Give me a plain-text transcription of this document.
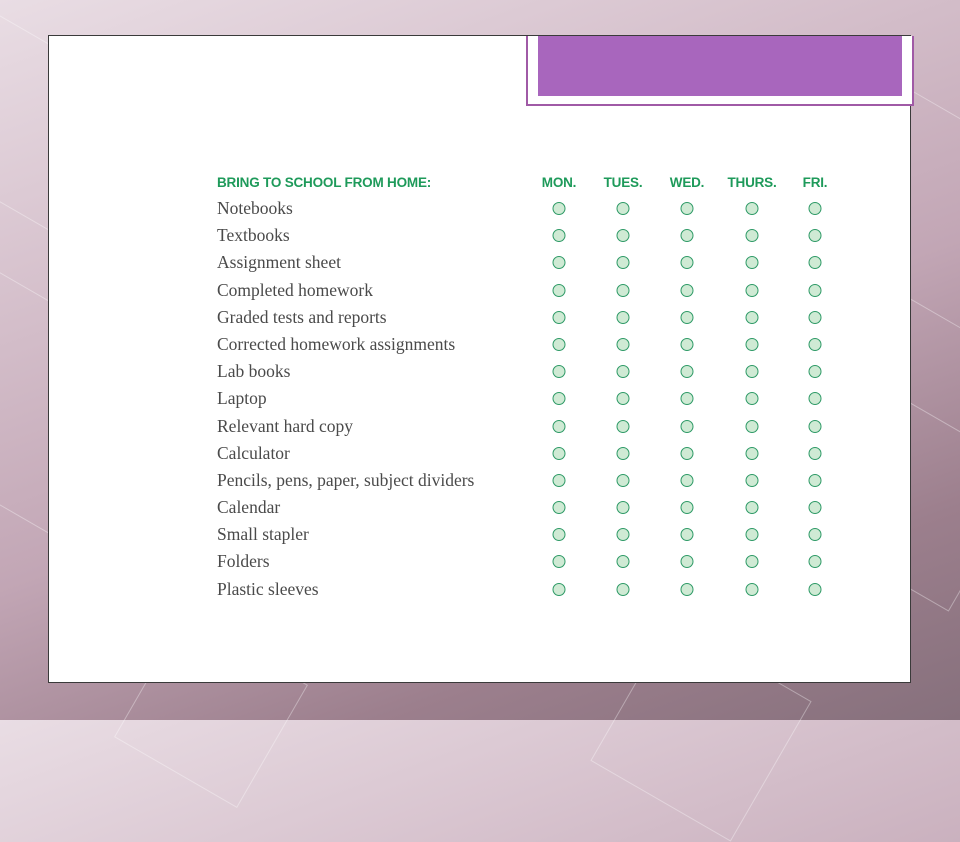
BRING TO SCHOOL FROM HOME:	MON. TUES. WED. THURS. FRI.
Notebooks
Textbooks
Assignment sheet
Completed homework
Graded tests and reports
Corrected homework assignments
Lab books
Laptop
Relevant hard copy
Calculator
Pencils, pens, paper, subject dividers
Calendar
Small stapler
Folders
Plastic sleeves
